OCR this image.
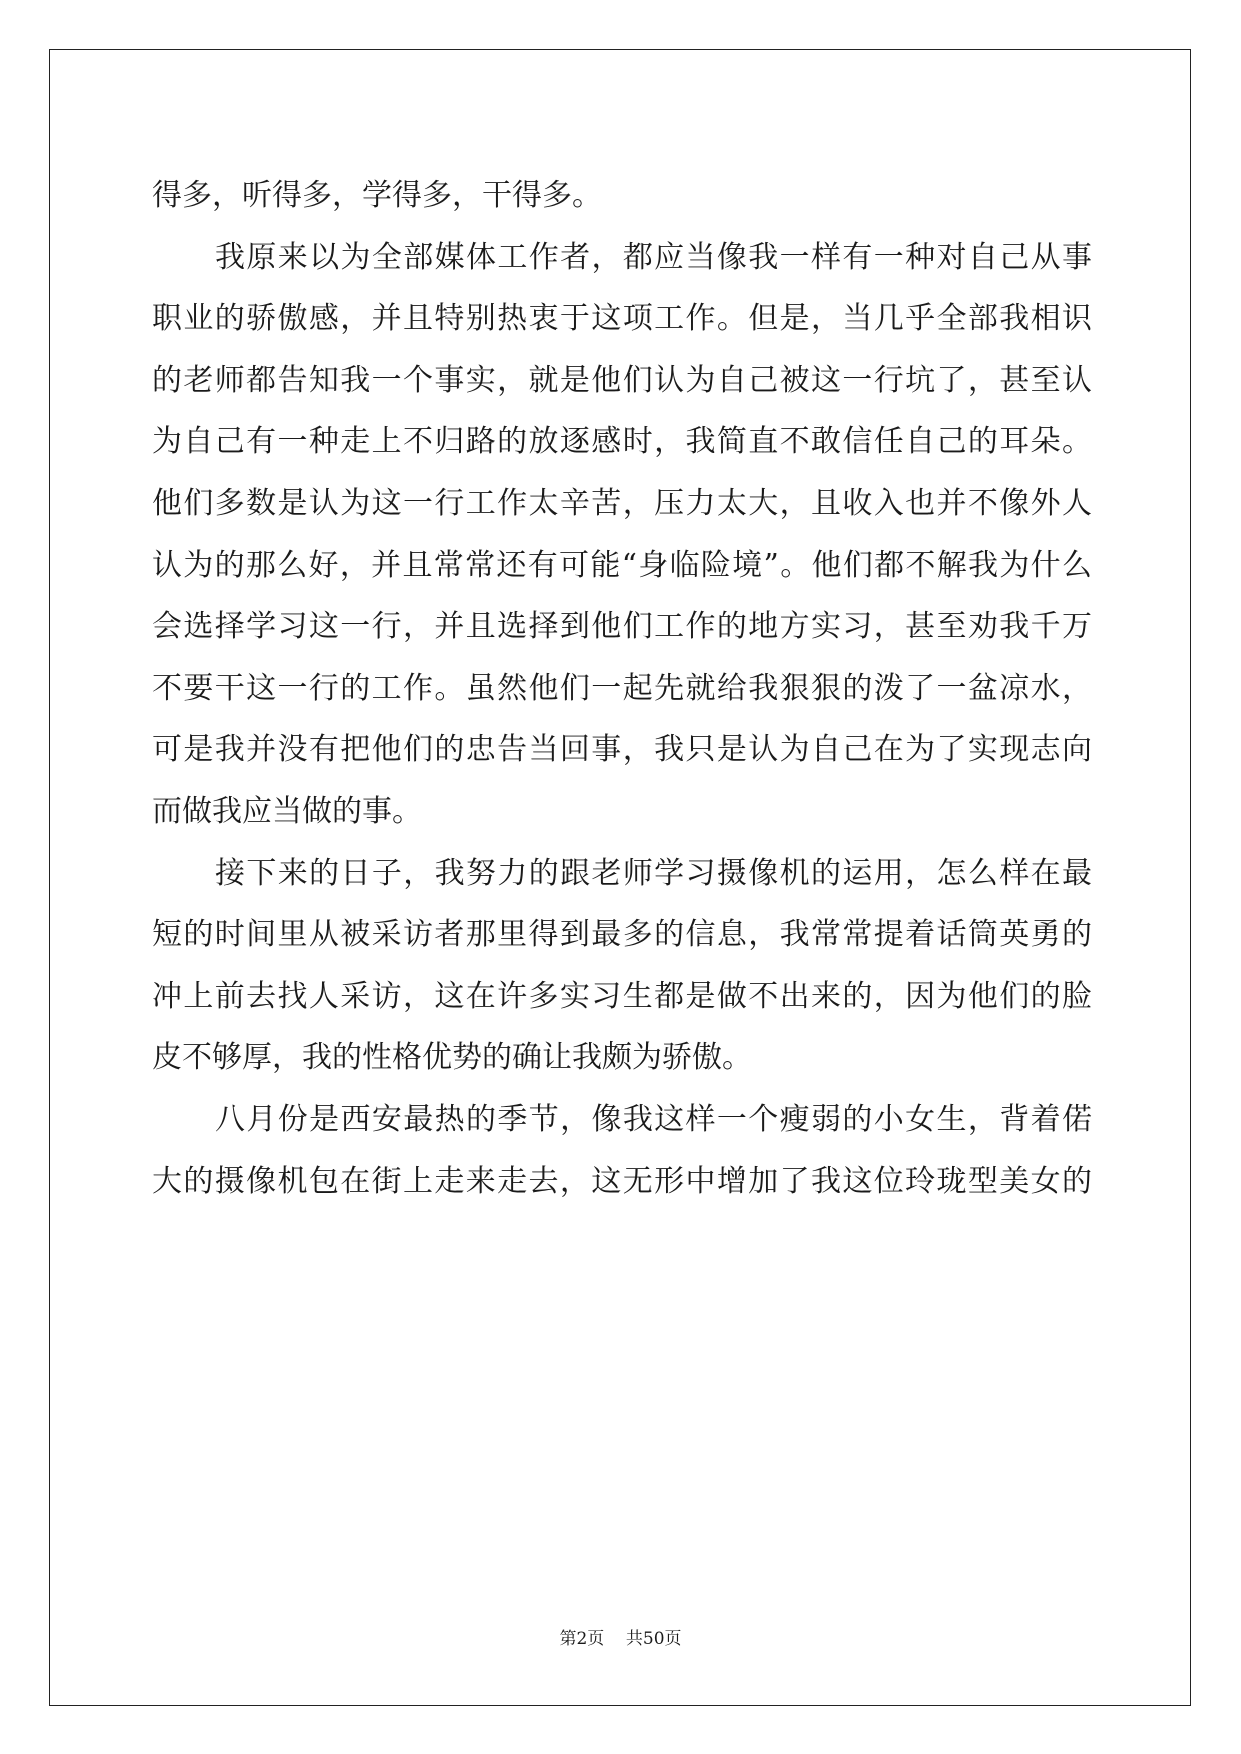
得多，听得多，学得多，干得多。
我原来以为全部媒体工作者，都应当像我一样有一种对自己从事
职业的骄傲感，并且特别热衷于这项工作。但是，当几乎全部我相识
的老师都告知我一个事实，就是他们认为自己被这一行坑了，甚至认
为自己有一种走上不归路的放逐感时，我简直不敢信任自己的耳朵。
他们多数是认为这一行工作太辛苦，压力太大，且收入也并不像外人
认为的那么好，并且常常还有可能“身临险境”。他们都不解我为什么
会选择学习这一行，并且选择到他们工作的地方实习，甚至劝我千万
不要干这一行的工作。虽然他们一起先就给我狠狠的泼了一盆凉水，
可是我并没有把他们的忠告当回事，我只是认为自己在为了实现志向
而做我应当做的事。
接下来的日子，我努力的跟老师学习摄像机的运用，怎么样在最
短的时间里从被采访者那里得到最多的信息，我常常提着话筒英勇的
冲上前去找人采访，这在许多实习生都是做不出来的，因为他们的脸
皮不够厚，我的性格优势的确让我颇为骄傲。
八月份是西安最热的季节，像我这样一个瘦弱的小女生，背着偌
大的摄像机包在街上走来走去，这无形中增加了我这位玲珑型美女的
第2页    共50页
